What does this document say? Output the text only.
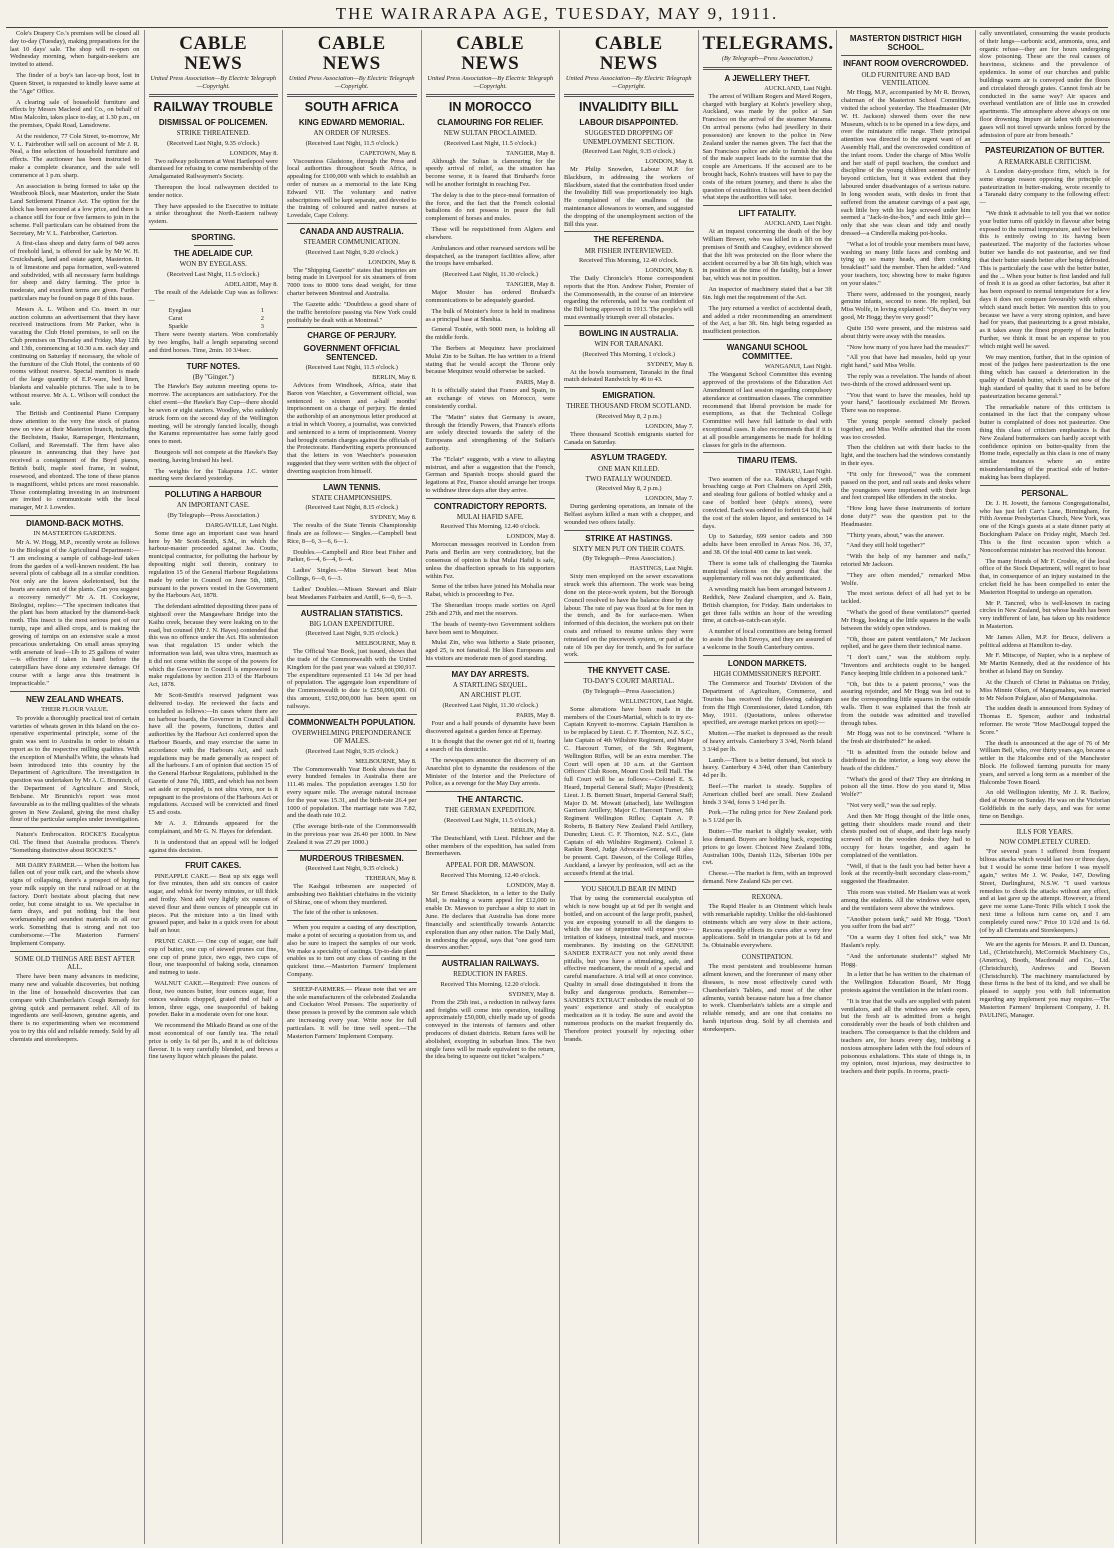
THE WAIRARAPA AGE, TUESDAY, MAY 9, 1911.

Cole's Drapery Co.'s premises will be closed all day to-day (Tuesday), making preparations for the last 10 days' sale. The shop will re-open on Wednesday morning, when bargain-seekers are invited to attend.

The finder of a boy's tan lace-up boot, lost in Queen Street, is requested to kindly leave same at the "Age" Office.

A clearing sale of household furniture and effects by Messrs Macleod and Co., on behalf of Miss Malcolm, takes place to-day, at 1.30 p.m., on the premises, Opaki Road, Lansdowne.

At the residence, 77 Cole Street, to-morrow, Mr V. L. Fairbrother will sell on account of Mr J. R. Neal, a fine selection of household furniture and effects. The auctioneer has been instructed to make a complete clearance, and the sale will commence at 1 p.m. sharp.

An association is being formed to take up the Westbrook Block, near Masterton, under the State Land Settlement Finance Act. The option for the block has been secured at a low price, and there is a chance still for four or five farmers to join in the scheme. Full particulars can be obtained from the Secretary, Mr V. L. Fairbrother, Carterton.

A first-class sheep and dairy farm of 949 acres of freehold land, is offered for sale by Mr W. H. Cruickshank, land and estate agent, Masterton. It is of limestone and papa formation, well-watered and subdivided, with all necessary farm buildings for sheep and dairy farming. The price is moderate, and excellent terms are given. Further particulars may be found on page 8 of this issue.

Messrs A. L. Wilson and Co. insert in our auction columns an advertisement that they have received instructions from Mr Parker, who is vacating the Club Hotel premises, to sell on the Club premises on Thursday and Friday, May 12th and 13th, commencing at 10.30 a.m. each day and continuing on Saturday if necessary, the whole of the furniture of the Club Hotel, the contents of 60 rooms without reserve. Special mention is made of the large quantity of E.P.-ware, bed linen, blankets and valuable pictures. The sale is to be without reserve. Mr A. L. Wilson will conduct the sale.

The British and Continental Piano Company draw attention to the very fine stock of pianos new on view at their Masterton branch, including the Bechstein, Haake, Ramsperger, Hentzmann, Collard, and Ravenstaff. The firm have also pleasure in announcing that they have just received a consignment of the Boyd pianos, British built, maple steel frame, in walnut, rosewood, and ebonized. The tone of these pianos is magnificent, whilst prices are most reasonable. Those contemplating investing in an instrument are invited to communicate with the local manager, Mr J. Lowndes.

DIAMOND-BACK MOTHS.
IN MASTERTON GARDENS.

Mr A. W. Hogg, M.P., recently wrote as follows to the Biologist of the Agricultural Department:— "I am enclosing a sample of cabbage-leaf taken from the garden of a well-known resident. He has several plots of cabbage all in a similar condition. Not only are the leaves skeletonised, but the hearts are eaten out of the plants. Can you suggest a recovery remedy?" Mr A. H. Cockayne, Biologist, replies:—"The specimen indicates that the plant has been attacked by the diamond-back moth. This insect is the most serious pest of our turnip, rape and allied crops, and is making the growing of turnips on an extensive scale a most precarious undertaking. On small areas spraying with arsenate of lead—1lb to 25 gallons of water—is effective if taken in hand before the caterpillars have done any extensive damage. Of course with a large area this treatment is impracticable."

NEW ZEALAND WHEATS.
THEIR FLOUR VALUE.

To provide a thoroughly practical test of certain varieties of wheats grown in this Island on the co-operative experimental principle, some of the grain was sent to Australia in order to obtain a report as to the respective milling qualities. With the exception of Marshall's White, the wheats had been introduced into this country by the Department of Agriculture. The investigation in question was undertaken by Mr A. C. Brunnich, of the Department of Agriculture and Stock, Brisbane. Mr Brunnich's report was most favourable as to the milling qualities of the wheats grown in New Zealand, giving the most chalky flour of the particular samples under investigation.

Nature's Embrocation. ROCKE'S Eucalyptus Oil. The finest that Australia produces. There's "Something distinctive about ROCKE'S."

MR DAIRY FARMER.— When the bottom has fallen out of your milk cart, and the wheels show signs of collapsing, there's a prospect of buying your milk supply on the rural railroad or at the factory. Don't hesitate about placing that new order, but come straight to us. We specialise in farm drays, and put nothing but the best workmanship and soundest materials in all our work. Something that is strong and not too cumbersome.—The Masterton Farmers' Implement Company.

SOME OLD THINGS ARE BEST AFTER ALL.

There have been many advances in medicine, many new and valuable discoveries, but nothing in the line of household discoveries that can compare with Chamberlain's Cough Remedy for giving quick and permanent relief. All of its ingredients are well-known, genuine agents, and there is no experimenting when we recommend you to try this old and reliable remedy. Sold by all chemists and storekeepers.

CABLE NEWS
United Press Association—By Electric Telegraph—Copyright.
RAILWAY TROUBLE
DISMISSAL OF POLICEMEN.
STRIKE THREATENED.
(Received Last Night, 9.35 o'clock.)
LONDON, May 8.

Two railway policemen at West Hartlepool were dismissed for refusing to come membership of the Amalgamated Railwaymen's Society.

Thereupon the local railwaymen decided to tender notice.

They have appealed to the Executive to initiate a strike throughout the North-Eastern railway system.

SPORTING.
THE ADELAIDE CUP.
WON BY EYEGLASS.
(Received Last Night, 11.5 o'clock.)
ADELAIDE, May 8.

The result of the Adelaide Cup was as follows:—

Eyeglass	1
Carat	2
Sparkle	3

There were twenty starters. Won comfortably by two lengths, half a length separating second and third horses. Time, 2min. 10 3/4sec.

TURF NOTES.
(By "Ginger.")

The Hawke's Bay autumn meeting opens to-morrow. The acceptances are satisfactory. For the chief event—the Hawke's Bay Cup—there should be seven or eight starters. Woodley, who suddenly struck form on the second day of the Wellington meeting, will be strongly fancied locally, though the Karamu representative has some fairly good ones to meet.

Bourgeois will not compete at the Hawke's Bay meeting, having bruised his heel.

The weights for the Takapuna J.C. winter meeting were declared yesterday.

POLLUTING A HARBOUR
AN IMPORTANT CASE.
(By Telegraph—Press Association.)
DARGAVILLE, Last Night.

Some time ago an important case was heard here by Mr Scott-Smith, S.M., in which the harbour-master proceeded against Jas. Coutts, municipal contractor, for polluting the harbour by depositing night soil therein, contrary to regulation 15 of the General Harbour Regulations made by order in Council on June 5th, 1885, pursuant to the powers vested in the Government by the Harbours Act, 1878.

The defendant admitted depositing three pans of nightsoil over the Mangawhare Bridge into the Kaihu creek, because they were leaking on to the road, but counsel (Mr J. N. Hayes) contended that this was no offence under the Act. His submission was that regulation 15 under which the information was laid, was ultra vires, inasmuch as it did not come within the scope of the powers for which the Governor in Council is empowered to make regulations by section 213 of the Harbours Act, 1878.

Mr Scott-Smith's reserved judgment was delivered to-day. He reviewed the facts and concluded as follows:—In cases where there are no harbour boards, the Governor in Council shall have all the powers, functions, duties and authorities by the Harbour Act conferred upon the Harbour Boards, and may exercise the same in accordance with the Harbours Act, and such regulations may be made generally as respect of all the harbours. I am of opinion that section 15 of the General Harbour Regulations, published in the Gazette of June 7th, 1885, and which has not been set aside or repealed, is not ultra vires, nor is it repugnant to the provisions of the Harbours Act or regulations. Accused will be convicted and fined £5 and costs.

Mr A. J. Edmunds appeared for the complainant, and Mr G. N. Hayes for defendant.

It is understood that an appeal will be lodged against this decision.

FRUIT CAKES.

PINEAPPLE CAKE.— Beat up six eggs well for five minutes, then add six ounces of castor sugar, and whisk for twenty minutes, or till thick and frothy. Next add very lightly six ounces of sieved flour and three ounces of pineapple cut in pieces. Put the mixture into a tin lined with greased paper, and bake in a quick oven for about half an hour.

PRUNE CAKE.— One cup of sugar, one half cup of butter, one cup of stewed prunes cut fine, one cup of prune juice, two eggs, two cups of flour, one teaspoonful of baking soda, cinnamon and nutmeg to taste.

WALNUT CAKE.—Required: Five ounces of flour, two ounces butter, four ounces sugar, four ounces walnuts chopped, grated rind of half a lemon, three eggs, one teaspoonful of baking powder. Bake in a moderate oven for one hour.

We recommend the Mikado Brand as one of the most economical of our family tea. The retail price is only 1s 6d per lb., and it is of delicious flavour. It is very carefully blended, and brews a fine tawny liquor which pleases the palate.

CABLE NEWS
United Press Association—By Electric Telegraph—Copyright.
SOUTH AFRICA
KING EDWARD MEMORIAL.
AN ORDER OF NURSES.
(Received Last Night, 11.5 o'clock.)
CAPETOWN, May 8.

Viscountess Gladstone, through the Press and local authorities throughout South Africa, is appealing for £100,000 with which to establish an order of nurses as a memorial to the late King Edward VII. The voluntary and native subscriptions will be kept separate, and devoted to the training of coloured and native nurses at Lovedale, Cape Colony.

CANADA AND AUSTRALIA.
STEAMER COMMUNICATION.
(Received Last Night, 9.20 o'clock.)
LONDON, May 8.

The "Shipping Gazette" states that inquiries are being made in Liverpool for six steamers of from 7000 tons to 8000 tons dead weight, for time charter between Montreal and Australia.

The Gazette adds: "Doubtless a good share of the traffic heretofore passing via New York could profitably be dealt with at Montreal."

CHARGE OF PERJURY.
GOVERNMENT OFFICIAL SENTENCED.
(Received Last Night, 11.5 o'clock.)
BERLIN, May 8.

Advices from Windhoek, Africa, state that Baron von Waechter, a Government official, was sentenced to sixteen and a-half months' imprisonment on a charge of perjury. He denied the authorship of an anonymous letter produced at a trial in which Voorey, a journalist, was convicted and sentenced to a term of imprisonment. Voorey had brought certain charges against the officials of the Protectorate. Handwriting experts pronounced that the letters in von Waechter's possession suggested that they were written with the object of diverting suspicion from himself.

LAWN TENNIS.
STATE CHAMPIONSHIPS.
(Received Last Night, 8.15 o'clock.)
SYDNEY, May 8.

The results of the State Tennis Championship finals are as follows:— Singles.—Campbell beat Rice, 8—6, 3—6, 6—1.

Doubles.—Campbell and Rice beat Fisher and Parker, 6—4, 6—4, 6—4.

Ladies' Singles.—Miss Stewart beat Miss Collings, 6—0, 6—3.

Ladies' Doubles.—Misses Stewart and Blair beat Mesdames Fairbairn and Antill, 6—0, 6—3.

AUSTRALIAN STATISTICS.
BIG LOAN EXPENDITURE.
(Received Last Night, 9.35 o'clock.)
MELBOURNE, May 8.

The Official Year Book, just issued, shows that the trade of the Commonwealth with the United Kingdom for the past year was valued at £90,917. The expenditure represented £1 14s 3d per head of population. The aggregate loan expenditure of the Commonwealth to date is £250,000,000. Of this amount, £192,000,000 has been spent on railways.

COMMONWEALTH POPULATION.
OVERWHELMING PREPONDERANCE OF MALES.
(Received Last Night, 9.35 o'clock.)
MELBOURNE, May 8.

The Commonwealth Year Book shows that for every hundred females in Australia there are 111.46 males. The population averages 1.50 for every square mile. The average natural increase for the year was 15.31, and the birth-rate 26.4 per 1000 of population. The marriage rate was 7.82, and the death rate 10.2.

(The average birth-rate of the Commonwealth in the previous year was 26.40 per 1000. In New Zealand it was 27.29 per 1000.)

MURDEROUS TRIBESMEN.
(Received Last Night, 9.35 o'clock.)
TEHERAN, May 8.

The Kashgai tribesmen are suspected of ambushing two Bakhtiari chieftains in the vicinity of Shiraz, one of whom they murdered.

The fate of the other is unknown.

When you require a casting of any description, make a point of securing a quotation from us, and also be sure to inspect the samples of our work. We make a speciality of castings. Up-to-date plant enables us to turn out any class of casting in the quickest time.—Masterton Farmers' Implement Company.

SHEEP-FARMERS.— Please note that we are the sole manufacturers of the celebrated Zealandia and Cockatoo Wool Presses. The superiority of these presses is proved by the common sale which are increasing every year. Write now for full particulars. It will be time well spent.—The Masterton Farmers' Implement Company.

CABLE NEWS
United Press Association—By Electric Telegraph—Copyright.
IN MOROCCO
CLAMOURING FOR RELIEF.
NEW SULTAN PROCLAIMED.
(Received Last Night, 11.5 o'clock.)
TANGIER, May 8.

Although the Sultan is clamouring for the speedy arrival of relief, as the situation has become worse, it is feared that Bruhard's force will be another fortnight in reaching Fez.

The delay is due to the piece-meal formation of the force, and the fact that the French colonial battalions do not possess in peace the full complement of horses and mules.

These will be requisitioned from Algiers and elsewhere.

Ambulances and other rearward services will be despatched, as the transport facilities allow, after the troops have embarked.

(Received Last Night, 11.30 o'clock.)
TANGIER, May 8.

Major Mosier has ordered Bruhard's communications to be adequately guarded.

The bulk of Moinier's force is held in readiness as a principal base at Sheshia.

General Toutée, with 9000 men, is holding all the middle fords.

The Berbers at Mequinez have proclaimed Mulai Zin to be Sultan. He has written to a friend stating that he would accept the Throne only because Mequinez would otherwise be sacked.

PARIS, May 8.

It is officially stated that France and Spain, in an exchange of views on Morocco, were consistently cordial.

The "Matin" states that Germany is aware, through the friendly Powers, that France's efforts are solely directed towards the safety of the Europeans and strengthening of the Sultan's authority.

The "Eclair" suggests, with a view to allaying mistrust, and after a suggestion that the French, German and Spanish troops should guard the legations at Fez, France should arrange her troops to withdraw three days after they arrive.

CONTRADICTORY REPORTS.
MULAI HAFID SAFE.
Received This Morning, 12.40 o'clock.
LONDON, May 8.

Moroccan messages received in London from Paris and Berlin are very contradictory, but the consensus of opinion is that Mulai Hafid is safe, unless the disaffection spreads to his supporters within Fez.

Some of the tribes have joined his Mohalla near Rabat, which is proceeding to Fez.

The Sherardian troops made sorties on April 25th and 27th, and met the reserves.

The heads of twenty-two Government soldiers have been sent to Mequinez.

Mulai Zin, who was hitherto a State prisoner, aged 25, is not fanatical. He likes Europeans and his visitors are moderate men of good standing.

MAY DAY ARRESTS.
A STARTLING SEQUEL.
AN ARCHIST PLOT.
(Received Last Night, 11.30 o'clock.)
PARIS, May 8.

Four and a half pounds of dynamite have been discovered against a garden fence at Epernay.

It is thought that the owner got rid of it, fearing a search of his domicile.

The newspapers announce the discovery of an Anarchist plot to dynamite the residences of the Minister of the Interior and the Prefecture of Police, as a revenge for the May Day arrests.

THE ANTARCTIC.
THE GERMAN EXPEDITION.
(Received Last Night, 11.5 o'clock.)
BERLIN, May 8.

The Deutschland, with Lieut. Filchner and the other members of the expedition, has sailed from Bremerhaven.

APPEAL FOR DR. MAWSON.
Received This Morning, 12.40 o'clock.
LONDON, May 8.

Sir Ernest Shackleton, in a letter to the Daily Mail, is making a warm appeal for £12,000 to enable Dr. Mawson to purchase a ship to start in June. He declares that Australia has done more financially and scientifically towards Antarctic exploration than any other nation. The Daily Mail, in endorsing the appeal, says that "one good turn deserves another."

AUSTRALIAN RAILWAYS.
REDUCTION IN FARES.
Received This Morning, 12.20 o'clock.
SYDNEY, May 8.

From the 25th inst., a reduction in railway fares and freights will come into operation, totalling approximately £50,000, chiefly made up of goods conveyed in the interests of farmers and other producers of distant districts. Return fares will be abolished, excepting in suburban lines. The two single fares will be made equivalent to the return, the idea being to squeeze out ticket "scalpers."

CABLE NEWS
United Press Association—By Electric Telegraph—Copyright.
INVALIDITY BILL
LABOUR DISAPPOINTED.
SUGGESTED DROPPING OF UNEMPLOYMENT SECTION.
(Received Last Night, 9.35 o'clock.)
LONDON, May 8.

Mr Philip Snowden, Labour M.P. for Blackburn, in addressing the workers of Blackburn, stated that the contribution fixed under the Invalidity Bill was proportionately too high. He complained of the smallness of the maintenance allowances to women, and suggested the dropping of the unemployment section of the Bill this year.

THE REFERENDA.
MR FISHER INTERVIEWED.
Received This Morning, 12.40 o'clock.
LONDON, May 8.

The Daily Chronicle's Home correspondent reports that the Hon. Andrew Fisher, Premier of the Commonwealth, in the course of an interview regarding the referenda, said he was confident of the Bill being approved in 1913. The people's will must eventually triumph over all obstacles.

BOWLING IN AUSTRALIA.
WIN FOR TARANAKI.
(Received This Morning, 1 o'clock.)
SYDNEY, May 8.

At the bowls tournament, Taranaki in the final match defeated Randwick by 46 to 43.

EMIGRATION.
THREE THOUSAND FROM SCOTLAND.
(Received May 8, 2 p.m.)
LONDON, May 7.

Three thousand Scottish emigrants started for Canada on Saturday.

ASYLUM TRAGEDY.
ONE MAN KILLED.
TWO FATALLY WOUNDED.
(Received May 8, 2 p.m.)
LONDON, May 7.

During gardening operations, an inmate of the Belfast asylum killed a man with a chopper, and wounded two others fatally.

STRIKE AT HASTINGS.
SIXTY MEN PUT ON THEIR COATS.
(By Telegraph—Press Association.)
HASTINGS, Last Night.

Sixty men employed on the sewer excavations struck work this afternoon. The work was being done on the piece-work system, but the Borough Council resolved to have the balance done by day labour. The rate of pay was fixed at 9s for men in the trench, and 8s for surface-men. When informed of this decision, the workers put on their coats and refused to resume unless they were reinstated on the piecework system, or paid at the rate of 10s per day for trench, and 9s for surface work.

THE KNYVETT CASE.
TO-DAY'S COURT MARTIAL.
(By Telegraph—Press Association.)
WELLINGTON, Last Night.

Some alterations have been made in the members of the Court-Martial, which is to try ex-Captain Knyvett to-morrow. Captain Hamilton is to be replaced by Lieut. C. F. Thornton, N.Z. S.C., late Captain of 4th Wiltshire Regiment, and Major C. Harcourt Turner, of the 5th Regiment, Wellington Rifles, will be an extra member. The Court will open at 10 a.m. at the Garrison Officers' Club Room, Mount Cook Drill Hall. The full Court will be as follows:—Colonel E. S. Heard, Imperial General Staff; Major (President); Lieut. J. B. Burnett Stuart, Imperial General Staff; Major D. M. Mowatt (attached), late Wellington Garrison Artillery; Major C. Harcourt Turner, 5th Regiment Wellington Rifles; Captain A. P. Roberts, B Battery New Zealand Field Artillery, Dunedin; Lieut. C. F. Thornton, N.Z. S.C., (late Captain of 4th Wiltshire Regiment). Colonel J. Rankin Reed, Judge Advocate-General, will also be present. Capt. Dawson, of the College Rifles, Auckland, a lawyer by profession, will act as the accused's friend at the trial.

YOU SHOULD BEAR IN MIND

That by using the commercial eucalyptus oil which is now bought up at 6d per lb weight and bottled, and on account of the large profit, pushed, you are exposing yourself to all the dangers to which the use of turpentine will expose you—irritation of kidneys, intestinal track, and mucous membranes. By insisting on the GENUINE SANDER EXTRACT you not only avoid these pitfalls, but you have a stimulating, safe, and effective medicament, the result of a special and careful manufacture. A trial will at once convince. Quality in small dose distinguished it from the bulky and dangerous products. Remember—SANDER'S EXTRACT embodies the result of 50 years' experience and study of eucalyptus medication as it is today. Be sure and avoid the numerous products on the market frequently do. Therefore protect yourself by rejecting other brands.

TELEGRAMS.
(By Telegraph—Press Association.)
A JEWELLERY THEFT.
AUCKLAND, Last Night.

The arrest of William Rogers and Mavd Rogers, charged with burglary at Kohn's jewellery shop, Auckland, was made by the police at San Francisco on the arrival of the steamer Marama. On arrival persons (who had jewellery in their possession) are known to the police in New Zealand under the names given. The fact that the San Francisco police are able to furnish the idea of the male suspect leads to the surmise that the couple are Americans. If the accused are to be brought back, Kohn's trustees will have to pay the costs of the return journey, and there is also the question of extradition. It has not yet been decided what steps the authorities will take.

LIFT FATALITY.
AUCKLAND, Last Night.

At an inquest concerning the death of the boy William Brewer, who was killed in a lift on the premises of Smith and Caughey, evidence showed that the lift was protected on the floor where the accident occurred by a bar 3ft 6in high, which was in position at the time of the fatality, but a lower bar, which was not in position.

An inspector of machinery stated that a bar 3ft 6in. high met the requirement of the Act.

The jury returned a verdict of accidental death, and added a rider recommending an amendment of the Act, a bar 3ft. 6in. high being regarded as insufficient protection.

WANGANUI SCHOOL COMMITTEE.
WANGANUI, Last Night.

The Wanganui School Committee this evening approved of the provisions of the Education Act Amendment of last session regarding compulsory attendance at continuation classes. The committee recommend that liberal provision be made for exemptions, as that the Technical College Committee will have full latitude to deal with exceptional cases. It also recommends that if it is at all possible arrangements be made for holding classes for girls in the afternoon.

TIMARU ITEMS.
TIMARU, Last Night.

Two seamen of the s.s. Rakaia, charged with broaching cargo at Port Chalmers on April 29th, and stealing four gallons of bottled whisky and a case of bottled beer (ship's stores), were convicted. Each was ordered to forfeit £4 10s, half the cost of the stolen liquor, and sentenced to 14 days.

Up to Saturday, 699 senior cadets and 390 adults have been enrolled in Areas Nos. 36, 37, and 38. Of the total 400 came in last week.

There is some talk of challenging the Taumka municipal elections on the ground that the supplementary roll was not duly authenticated.

A wrestling match has been arranged between J. Reddick, New Zealand champion, and A. Bain, British champion, for Friday. Bain undertakes to get three falls within an hour of the wrestling time, at catch-as-catch-can style.

A number of local committees are being formed to assist the Irish Envoys, and they are assured of a welcome in the South Canterbury centres.

LONDON MARKETS.
HIGH COMMISSIONER'S REPORT.

The Commerce and Tourists' Division of the Department of Agriculture, Commerce, and Tourists has received the following cablegram from the High Commissioner, dated London, 6th May, 1911. (Quotations, unless otherwise specified, are average market prices on spot):—

Mutton.—The market is depressed as the result of heavy arrivals. Canterbury 3 3/4d, North Island 3 3/4d per lb.

Lamb.—There is a better demand, but stock is heavy. Canterbury 4 3/4d, other than Canterbury 4d per lb.

Beef.—The market is steady. Supplies of American chilled beef are small. New Zealand hinds 3 3/4d, fores 3 1/4d per lb.

Pork.—The ruling price for New Zealand pork is 5 1/2d per lb.

Butter.—The market is slightly weaker, with less demand. Buyers are holding back, expecting prices to go lower. Choicest New Zealand 108s, Australian 100s, Danish 112s, Siberian 100s per cwt.

Cheese.—The market is firm, with an improved demand. New Zealand 62s per cwt.

REXONA.

The Rapid Healer is an Ointment which heals with remarkable rapidity. Unlike the old-fashioned ointments which are very slow in their actions, Rexona speedily effects its cures after a very few applications. Sold in triangular pots at 1s 6d and 3s. Obtainable everywhere.

CONSTIPATION.

The most persistent and troublesome human ailment known, and the forerunner of many other diseases, is now most effectively cured with Chamberlain's Tablets, and most of the other ailments, vanish because nature has a free chance to work. Chamberlain's tablets are a simple and reliable remedy, and are one that contains no harsh injurious drug. Sold by all chemists and storekeepers.

MASTERTON DISTRICT HIGH SCHOOL.
INFANT ROOM OVERCROWDED.
OLD FURNITURE AND BAD VENTILATION.

Mr Hogg, M.P., accompanied by Mr R. Brown, chairman of the Masterton School Committee, visited the school yesterday. The Headmaster (Mr W. H. Jackson) showed them over the new Museum, which is to be opened in a few days, and over the miniature rifle range. Their principal attention was directed to the urgent want of an Assembly Hall, and the overcrowded condition of the infant room. Under the charge of Miss Wolfe and her staff of pupil teachers, the conduct and discipline of the young children seemed entirely beyond criticism, but it was evident that they laboured under disadvantages of a serious nature. In long wooden seats, with desks in front that suffered from the amateur carvings of a past age, each little boy with his legs screwed under him seemed a "Jack-in-the-box," and each little girl—only that she was clean and tidy and neatly dressed—a Cinderella making pot-hooks.

"What a lot of trouble your members must have, washing so many little faces and combing and tying up so many heads, and then cooking breakfast!" said the member. Then he added: "And your teachers, too; showing how to make figures on your slates."

There were, addressed to the youngest, nearly genuine infants, second to none. He replied, but Miss Wolfe, in loving explained: "Oh, they're very good, Mr Hogg; they're very good!"

Quite 150 were present, and the mistress said about thirty were away with the measles.

"Now how many of you have had the measles?"

"All you that have had measles, hold up your right hand," said Miss Wolfe.

The reply was a revelation. The hands of about two-thirds of the crowd addressed went up.

"You that want to have the measles, hold up your hand," facetiously exclaimed Mr Brown. There was no response.

The young people seemed closely packed together, and Miss Wolfe admitted that the room was too crowded.

Then the children sat with their backs to the light, and the teachers had the windows constantly in their eyes.

"Fit only for firewood," was the comment passed on the port, and rail seats and desks where the youngsters were imprisoned with their legs and feet cramped like offenders in the stocks.

"How long have these instruments of torture done duty?" was the question put to the Headmaster.

"Thirty years, about," was the answer.

"And they still hold together?"

"With the help of my hammer and nails," retorted Mr Jackson.

"They are often mended," remarked Miss Wolfe.

The most serious defect of all had yet to be tackled.

"What's the good of these ventilators?" queried Mr Hogg, looking at the little squares in the walls between the widely open windows.

"Oh, those are patent ventilators," Mr Jackson replied, and he gave them their technical name.

"I don't care," was the stubborn reply. "Inventors and architects ought to be hanged. Fancy keeping little children in a poisoned tank."

"Oh, but this is a patent process," was the assuring rejoinder, and Mr Hogg was led out to see the corresponding little squares in the outside walls. Then it was explained that the fresh air from the outside was admitted and travelled through tubes.

Mr Hogg was not to be convinced. "Where is the fresh air distributed?" he asked.

"It is admitted from the outside below and distributed in the interior, a long way above the heads of the children."

"What's the good of that? They are drinking in poison all the time. How do you stand it, Miss Wolfe?"

"Not very well," was the sad reply.

And then Mr Hogg thought of the little ones, getting their shoulders made round and their chests pushed out of shape, and their legs nearly screwed off in the wooden desks they had to occupy for hours together, and again he complained of the ventilation.

"Well, if that is the fault you had better have a look at the recently-built secondary class-room," suggested the Headmaster.

This room was visited. Mr Haslam was at work among the students. All the windows were open, and the ventilators were above the windows.

"Another poison tank," said Mr Hogg. "Don't you suffer from the bad air?"

"On a warm day I often feel sick," was Mr Haslam's reply.

"And the unfortunate students!" sighed Mr Hogg.

In a letter that he has written to the chairman of the Wellington Education Board, Mr Hogg protests against the ventilation in the infant room.

"It is true that the walls are supplied with patent ventilators, and all the windows are wide open, but the fresh air is admitted from a height considerably over the heads of both children and teachers. The consequence is that the children and teachers are, for hours every day, imbibing a noxious atmosphere laden with the foul odours of poisonous exhalations. This state of things is, in my opinion, most injurious, may destructive to teachers and their pupils. In rooms, practi-

cally unventilated, consuming the waste products of their lungs—carbonic acid, ammonia, urea, and organic refuse—they are for hours undergoing slow poisoning. These are the real causes of heaviness, sickness and the prevalence of epidemics. In some of our churches and public buildings warm air is conveyed under the floors and circulated through grates. Cannot fresh air be conducted in the same way? Air spaces and overhead ventilation are of little use in crowded apartments. The atmosphere above always on one floor drowning. Impure air laden with poisonous gases will not travel upwards unless forced by the admission of pure air from beneath."

PASTEURIZATION OF BUTTER.
A REMARKABLE CRITICISM.

A London dairy-produce firm, which is for some strange reason opposing the principle of pasteurization in butter-making, wrote recently to a Taranaki dairy company to the following effect:—

"We think it advisable to tell you that we notice your butter turns off quickly in flavour after being exposed to the normal temperature, and we believe this is entirely owing to its having been pasteurized. The majority of the factories whose butter we handle do not pasteurise, and we find that their butter stands better after being defrosted. This is particularly the case with the better butter, and the ... When your butter is first landed and full of fresh it is as good as other factories, but after it has been exposed to normal temperature for a few days it does not compare favourably with others, which stand much better. We mention this to you because we have a very strong opinion, and have had for years, that pasteurizing is a great mistake, as it takes away the finest property of the butter. Further, we think it must be an expense to you which might well be saved.

We may mention, further, that in the opinion of most of the judges here pasteurization is the one thing which has caused a deterioration in the quality of Danish butter, which is not now of the high standard of quality that it used to be before pasteurization became general."

The remarkable nature of this criticism is contained in the fact that the company whose butter is complained of does not pasteurize. One thing this class of criticism emphasizes is that New Zealand buttermakers can hardly accept with confidence opinion on butter-quality from the Home trade, especially as this class is one of many similar instances where an entire misunderstanding of the practical side of butter-making has been displayed.

PERSONAL.

Dr. J. H. Jowett, the famous Congregationalist, who has just left Carr's Lane, Birmingham, for Fifth Avenue Presbyterian Church, New York, was one of the King's guests at a state dinner party at Buckingham Palace on Friday night, March 3rd. This is the first occasion upon which a Nonconformist minister has received this honour.

The many friends of Mr F. Crosbie, of the local office of the Stock Department, will regret to hear that, in consequence of an injury sustained in the cricket field he has been compelled to enter the Masterton Hospital to undergo an operation.

Mr P. Tancred, who is well-known in racing circles in New Zealand, but whose health has been very indifferent of late, has taken up his residence in Masterton.

Mr James Allen, M.P. for Bruce, delivers a political address at Hamilton to-day.

Mr F. Mitscope, of Napier, who is a nephew of Mr Martin Kennedy, died at the residence of his brother at Island Bay on Sunday.

At the Church of Christ in Pahiatua on Friday, Miss Minnie Olsen, of Mangamaheu, was married to Mr Nelson Polglase, also of Mangatainoka.

The sudden death is announced from Sydney of Thomas E. Spencer, author and industrial reformer. He wrote "How MacDougal topped the Score."

The death is announced at the age of 76 of Mr William Bell, who, over thirty years ago, became a settler in the Halcombe end of the Manchester Block. He followed farming pursuits for many years, and served a long term as a member of the Halcombe Town Board.

An old Wellington identity, Mr J. R. Barlow, died at Petone on Sunday. He was on the Victorian Goldfields in the early days, and was for some time on Bendigo.

ILLS FOR YEARS.
NOW COMPLETELY CURED.

"For several years I suffered from frequent bilious attacks which would last two or three days, but I would be some time before I was myself again," writes Mr J. W. Peake, 147, Dowling Street, Darlinghurst, N.S.W. "I used various remedies to check the attacks without any effect, and at last gave up the attempt. However, a friend gave me some Lane-Tonic Pills which I took the next time a bilious turn came on, and I am completely cured now." Price 10 1/2d and 1s 6d. (of by all Chemists and Storekeepers.)

We are the agents for Messrs. P. and D. Duncan, Ltd., (Christchurch), McCormick Machinery Co., (America), Booth, Macdonald and Co., Ltd. (Christchurch), Andrews and Beaven (Christchurch). The machinery manufactured by these firms is the best of its kind, and we shall be pleased to supply you with full information regarding any implement you may require.—The Masterton Farmers' Implement Company, J. H. PAULING, Manager.
